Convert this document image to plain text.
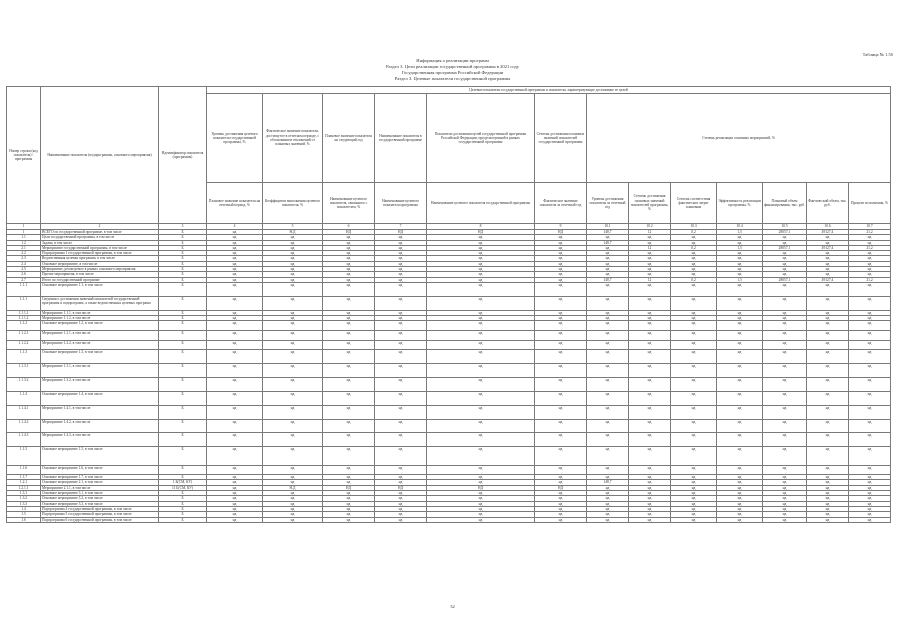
Таблица № 1.5б
Информация о реализации программ
Раздел 3. Цели реализации государственной программы в 2021 году
Государственная программа Российской Федерации
Раздел 3. Целевые показатели государственной программы
Номер строки (код показателя) / программы	Наименование показателя (подпрограммы, основного мероприятия)	Идентификатор показателя (программы)	Целевые показатели государственной программы и показатели, характеризующие достижение ее целей												
			Уровень достижения целевого показателя государственной программы, %	Фактическое значение показателя, достигнутое в отчетном периоде, с обоснованием отклонений от плановых значений, %	Плановое значение показателя на следующий год	Наименование показателя в государственной программе	Показатели достижения целей государственной программы Российской Федерации, предусмотренной в рамках государственной программы	Степень достижения плановых значений показателей государственной программы	Степень реализации основных мероприятий, %						
			Плановое значение показателя на отчетный период, %	Коэффициент выполнения целевого показателя, %	Наименование целевого показателя, связанного с показателем, %	Наименование целевого показателя программы	Наименование целевого показателя государственной программы	Фактическое значение показателя за отчетный год	Уровень достижения показателя за отчетный год	Степень достижения плановых значений показателей программы, %	Степень соответствия фактических затрат плановым	Эффективность реализации программы, %	Плановый объем финансирования, тыс. руб.	Фактический объем, тыс. руб.	Процент исполнения, %
1	2	3	4	5	6	7	8	9	10.1	10.2	10.3	10.4	10.5	10.6	10.7
1	ВСЕГО по государственной программе, в том числе	Б	нд	Н,Д	НД	НД	НД	НД	148,7	12	0,2	1,5	28057,1	49127,4	21,2
1.1	Цели государственной программы, в том числе	Б	нд	нд	нд	нд	нд	нд	нд	нд	нд	нд	нд	нд	нд
1.2	Задачи, в том числе	Б	нд	нд	нд	нд	нд	нд	148,7	нд	нд	нд	нд	нд	нд
2.1	Мероприятие государственной программы, в том числе	Б	нд	нд	нд	нд	нд	нд	нд	12	0,2	1,5	28057,1	49127,4	21,2
2.2	Подпрограмма 1 государственной программы, в том числе	Б	нд	нд	нд	нд	нд	нд	нд	нд	нд	нд	нд	нд	нд
2.3	Ведомственная целевая программа, в том числе	Б	нд	нд	нд	нд	нд	нд	нд	нд	нд	нд	нд	нд	нд
2.4	Основное мероприятие, в том числе	Б	нд	нд	нд	нд	нд	нд	нд	нд	нд	нд	нд	нд	нд
2.5	Мероприятие, реализуемое в рамках основного мероприятия	Б	нд	нд	нд	нд	нд	нд	нд	нд	нд	нд	нд	нд	нд
2.6	Прочие мероприятия, в том числе	Б	нд	нд	нд	нд	нд	нд	нд	нд	нд	нд	нд	нд	нд
2.7	Итого по государственной программе	Б	нд	нд	нд	нд	нд	нд	148,7	12	0,2	1,5	28057,1	49127,4	21,2
1.1.1	Основное мероприятие 1.1, в том числе	Б	нд	нд	нд	нд	нд	нд	нд	нд	нд	нд	нд	нд	нд
1.1.1	Сведения о достижении значений показателей государственной программы и подпрограмм, а также ведомственных целевых программ	Б	нд	нд	нд	нд	нд	нд	нд	нд	нд	нд	нд	нд	нд
1.1.1.1	Мероприятие 1.1.1, в том числе	Б	нд	нд	нд	нд	нд	нд	нд	нд	нд	нд	нд	нд	нд
1.1.1.2	Мероприятие 1.1.2, в том числе	Б	нд	нд	нд	нд	нд	нд	нд	нд	нд	нд	нд	нд	нд
1.1.2	Основное мероприятие 1.2, в том числе	Б	нд	нд	нд	нд	нд	нд	нд	нд	нд	нд	нд	нд	нд
1.1.2.1	Мероприятие 1.2.1, в том числе	Б	нд	нд	нд	нд	нд	нд	нд	нд	нд	нд	нд	нд	нд
1.1.2.2	Мероприятие 1.2.2, в том числе	Б	нд	нд	нд	нд	нд	нд	нд	нд	нд	нд	нд	нд	нд
1.1.3	Основное мероприятие 1.3, в том числе	Б	нд	нд	нд	нд	нд	нд	нд	нд	нд	нд	нд	нд	нд
1.1.3.1	Мероприятие 1.3.1, в том числе	Б	нд	нд	нд	нд	нд	нд	нд	нд	нд	нд	нд	нд	нд
1.1.3.2	Мероприятие 1.3.2, в том числе	Б	нд	нд	нд	нд	нд	нд	нд	нд	нд	нд	нд	нд	нд
1.1.4	Основное мероприятие 1.4, в том числе	Б	нд	нд	нд	нд	нд	нд	нд	нд	нд	нд	нд	нд	нд
1.1.4.1	Мероприятие 1.4.1, в том числе	Б	нд	нд	нд	нд	нд	нд	нд	нд	нд	нд	нд	нд	нд
1.1.4.2	Мероприятие 1.4.2, в том числе	Б	нд	нд	нд	нд	нд	нд	нд	нд	нд	нд	нд	нд	нд
1.1.4.3	Мероприятие 1.4.3, в том числе	Б	нд	нд	нд	нд	нд	нд	нд	нд	нд	нд	нд	нд	нд
1.1.5	Основное мероприятие 1.5, в том числе	Б	нд	нд	нд	нд	нд	нд	нд	нд	нд	нд	нд	нд	нд
1.1.6	Основное мероприятие 1.6, в том числе	Б	нд	нд	нд	нд	нд	нд	нд	нд	нд	нд	нд	нд	нд
1.1.7	Основное мероприятие 1.7, в том числе	Б	нд	нд	нд	нд	нд	нд	нд	нд	нд	нд	нд	нд	нд
1.2.1	Основное мероприятие 2.1, в том числе	1 Б(СМ, КУ)	нд	нд	нд	нд	нд	нд	148,7	нд	нд	нд	нд	нд	нд
1.2.1.1	Мероприятие 2.1.1, в том числе	11 Б(СМ, КУ)	нд	Н,Д	НД	НД	НД	НД	нд	нд	нд	нд	нд	нд	нд
1.3.1	Основное мероприятие 3.1, в том числе	Б	нд	нд	нд	нд	нд	нд	нд	нд	нд	нд	нд	нд	нд
1.3.2	Основное мероприятие 3.2, в том числе	Б	нд	нд	нд	нд	нд	нд	нд	нд	нд	нд	нд	нд	нд
1.3.3	Основное мероприятие 3.3, в том числе	Б	нд	нд	нд	нд	нд	нд	нд	нд	нд	нд	нд	нд	нд
1.4	Подпрограмма 4 государственной программы, в том числе	Б	нд	нд	нд	нд	нд	нд	нд	нд	нд	нд	нд	нд	нд
1.5	Подпрограмма 5 государственной программы, в том числе	Б	нд	нд	нд	нд	нд	нд	нд	нд	нд	нд	нд	нд	нд
1.6	Подпрограмма 6 государственной программы, в том числе	Б	нд	нд	нд	нд	нд	нд	нд	нд	нд	нд	нд	нд	нд
32
